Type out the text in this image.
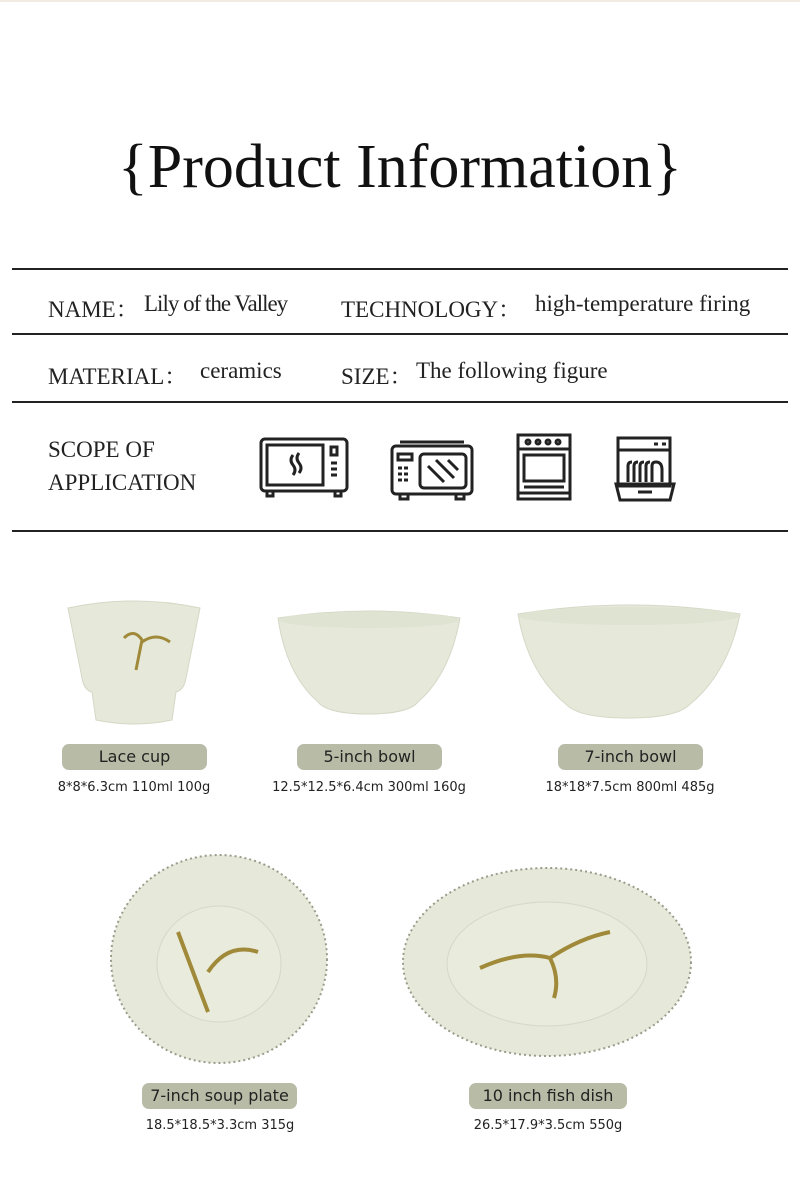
{Product Information}
NAME： Lily of the Valley TECHNOLOGY： high-temperature firing
MATERIAL： ceramics	SIZE： The following figure
SCOPE OF
APPLICATION
Lace cup
8*8*6.3cm 110ml 100g
5-inch bowl
12.5*12.5*6.4cm 300ml 160g
7-inch bowl
18*18*7.5cm 800ml 485g
7-inch soup plate
18.5*18.5*3.3cm 315g
10 inch fish dish
26.5*17.9*3.5cm 550g
